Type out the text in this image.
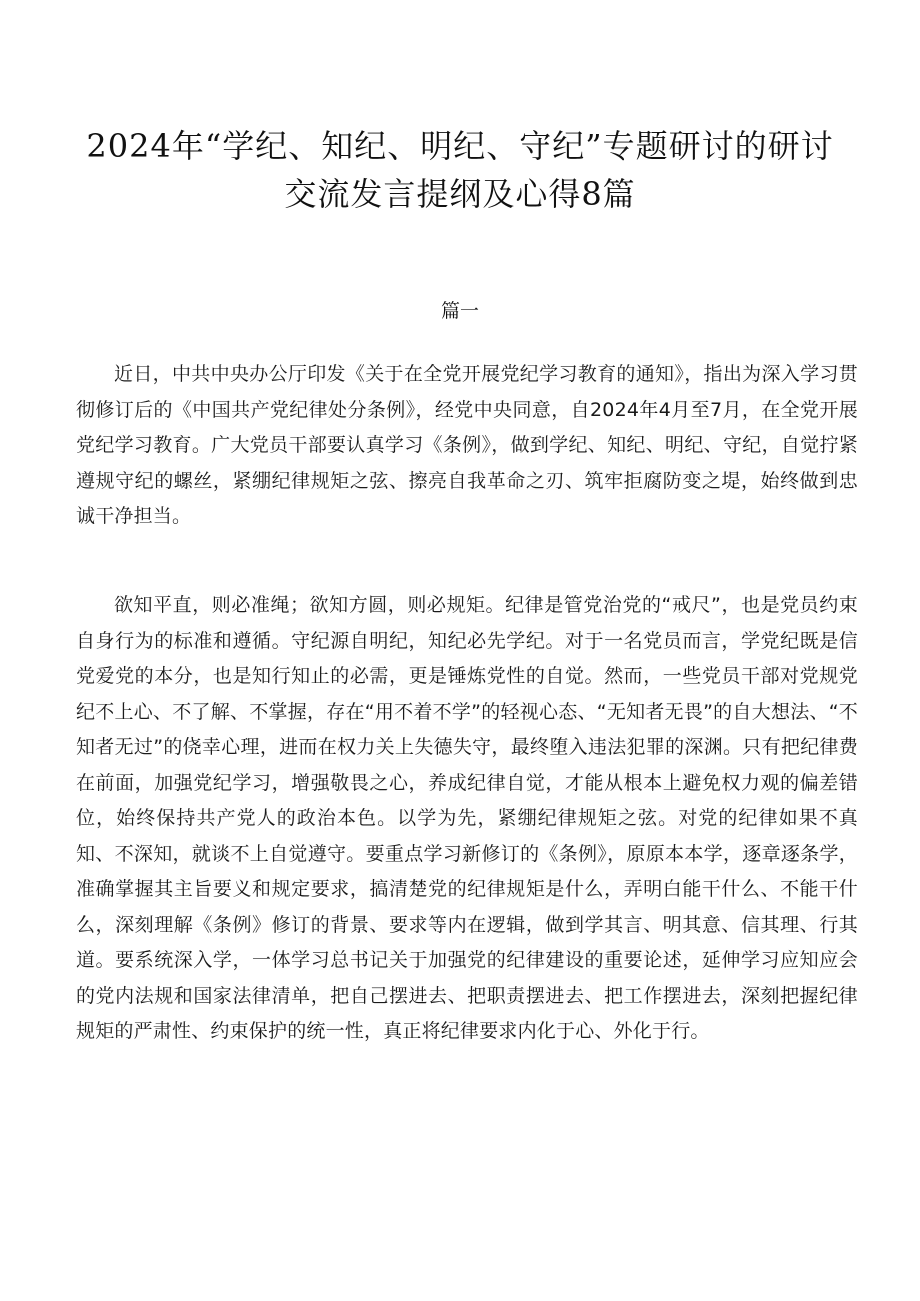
2024年“学纪、知纪、明纪、守纪”专题研讨的研讨交流发言提纲及心得8篇
篇一

近日，中共中央办公厅印发《关于在全党开展党纪学习教育的通知》，指出为深入学习贯彻修订后的《中国共产党纪律处分条例》，经党中央同意，自2024年4月至7月，在全党开展党纪学习教育。广大党员干部要认真学习《条例》，做到学纪、知纪、明纪、守纪，自觉拧紧遵规守纪的螺丝，紧绷纪律规矩之弦、擦亮自我革命之刃、筑牢拒腐防变之堤，始终做到忠诚干净担当。

欲知平直，则必准绳；欲知方圆，则必规矩。纪律是管党治党的“戒尺”，也是党员约束自身行为的标准和遵循。守纪源自明纪，知纪必先学纪。对于一名党员而言，学党纪既是信党爱党的本分，也是知行知止的必需，更是锤炼党性的自觉。然而，一些党员干部对党规党纪不上心、不了解、不掌握，存在“用不着不学”的轻视心态、“无知者无畏”的自大想法、“不知者无过”的侥幸心理，进而在权力关上失德失守，最终堕入违法犯罪的深渊。只有把纪律费在前面，加强党纪学习，增强敬畏之心，养成纪律自觉，才能从根本上避免权力观的偏差错位，始终保持共产党人的政治本色。以学为先，紧绷纪律规矩之弦。对党的纪律如果不真知、不深知，就谈不上自觉遵守。要重点学习新修订的《条例》，原原本本学，逐章逐条学，准确掌握其主旨要义和规定要求，搞清楚党的纪律规矩是什么，弄明白能干什么、不能干什么，深刻理解《条例》修订的背景、要求等内在逻辑，做到学其言、明其意、信其理、行其道。要系统深入学，一体学习总书记关于加强党的纪律建设的重要论述，延伸学习应知应会的党内法规和国家法律清单，把自己摆进去、把职责摆进去、把工作摆进去，深刻把握纪律规矩的严肃性、约束保护的统一性，真正将纪律要求内化于心、外化于行。
